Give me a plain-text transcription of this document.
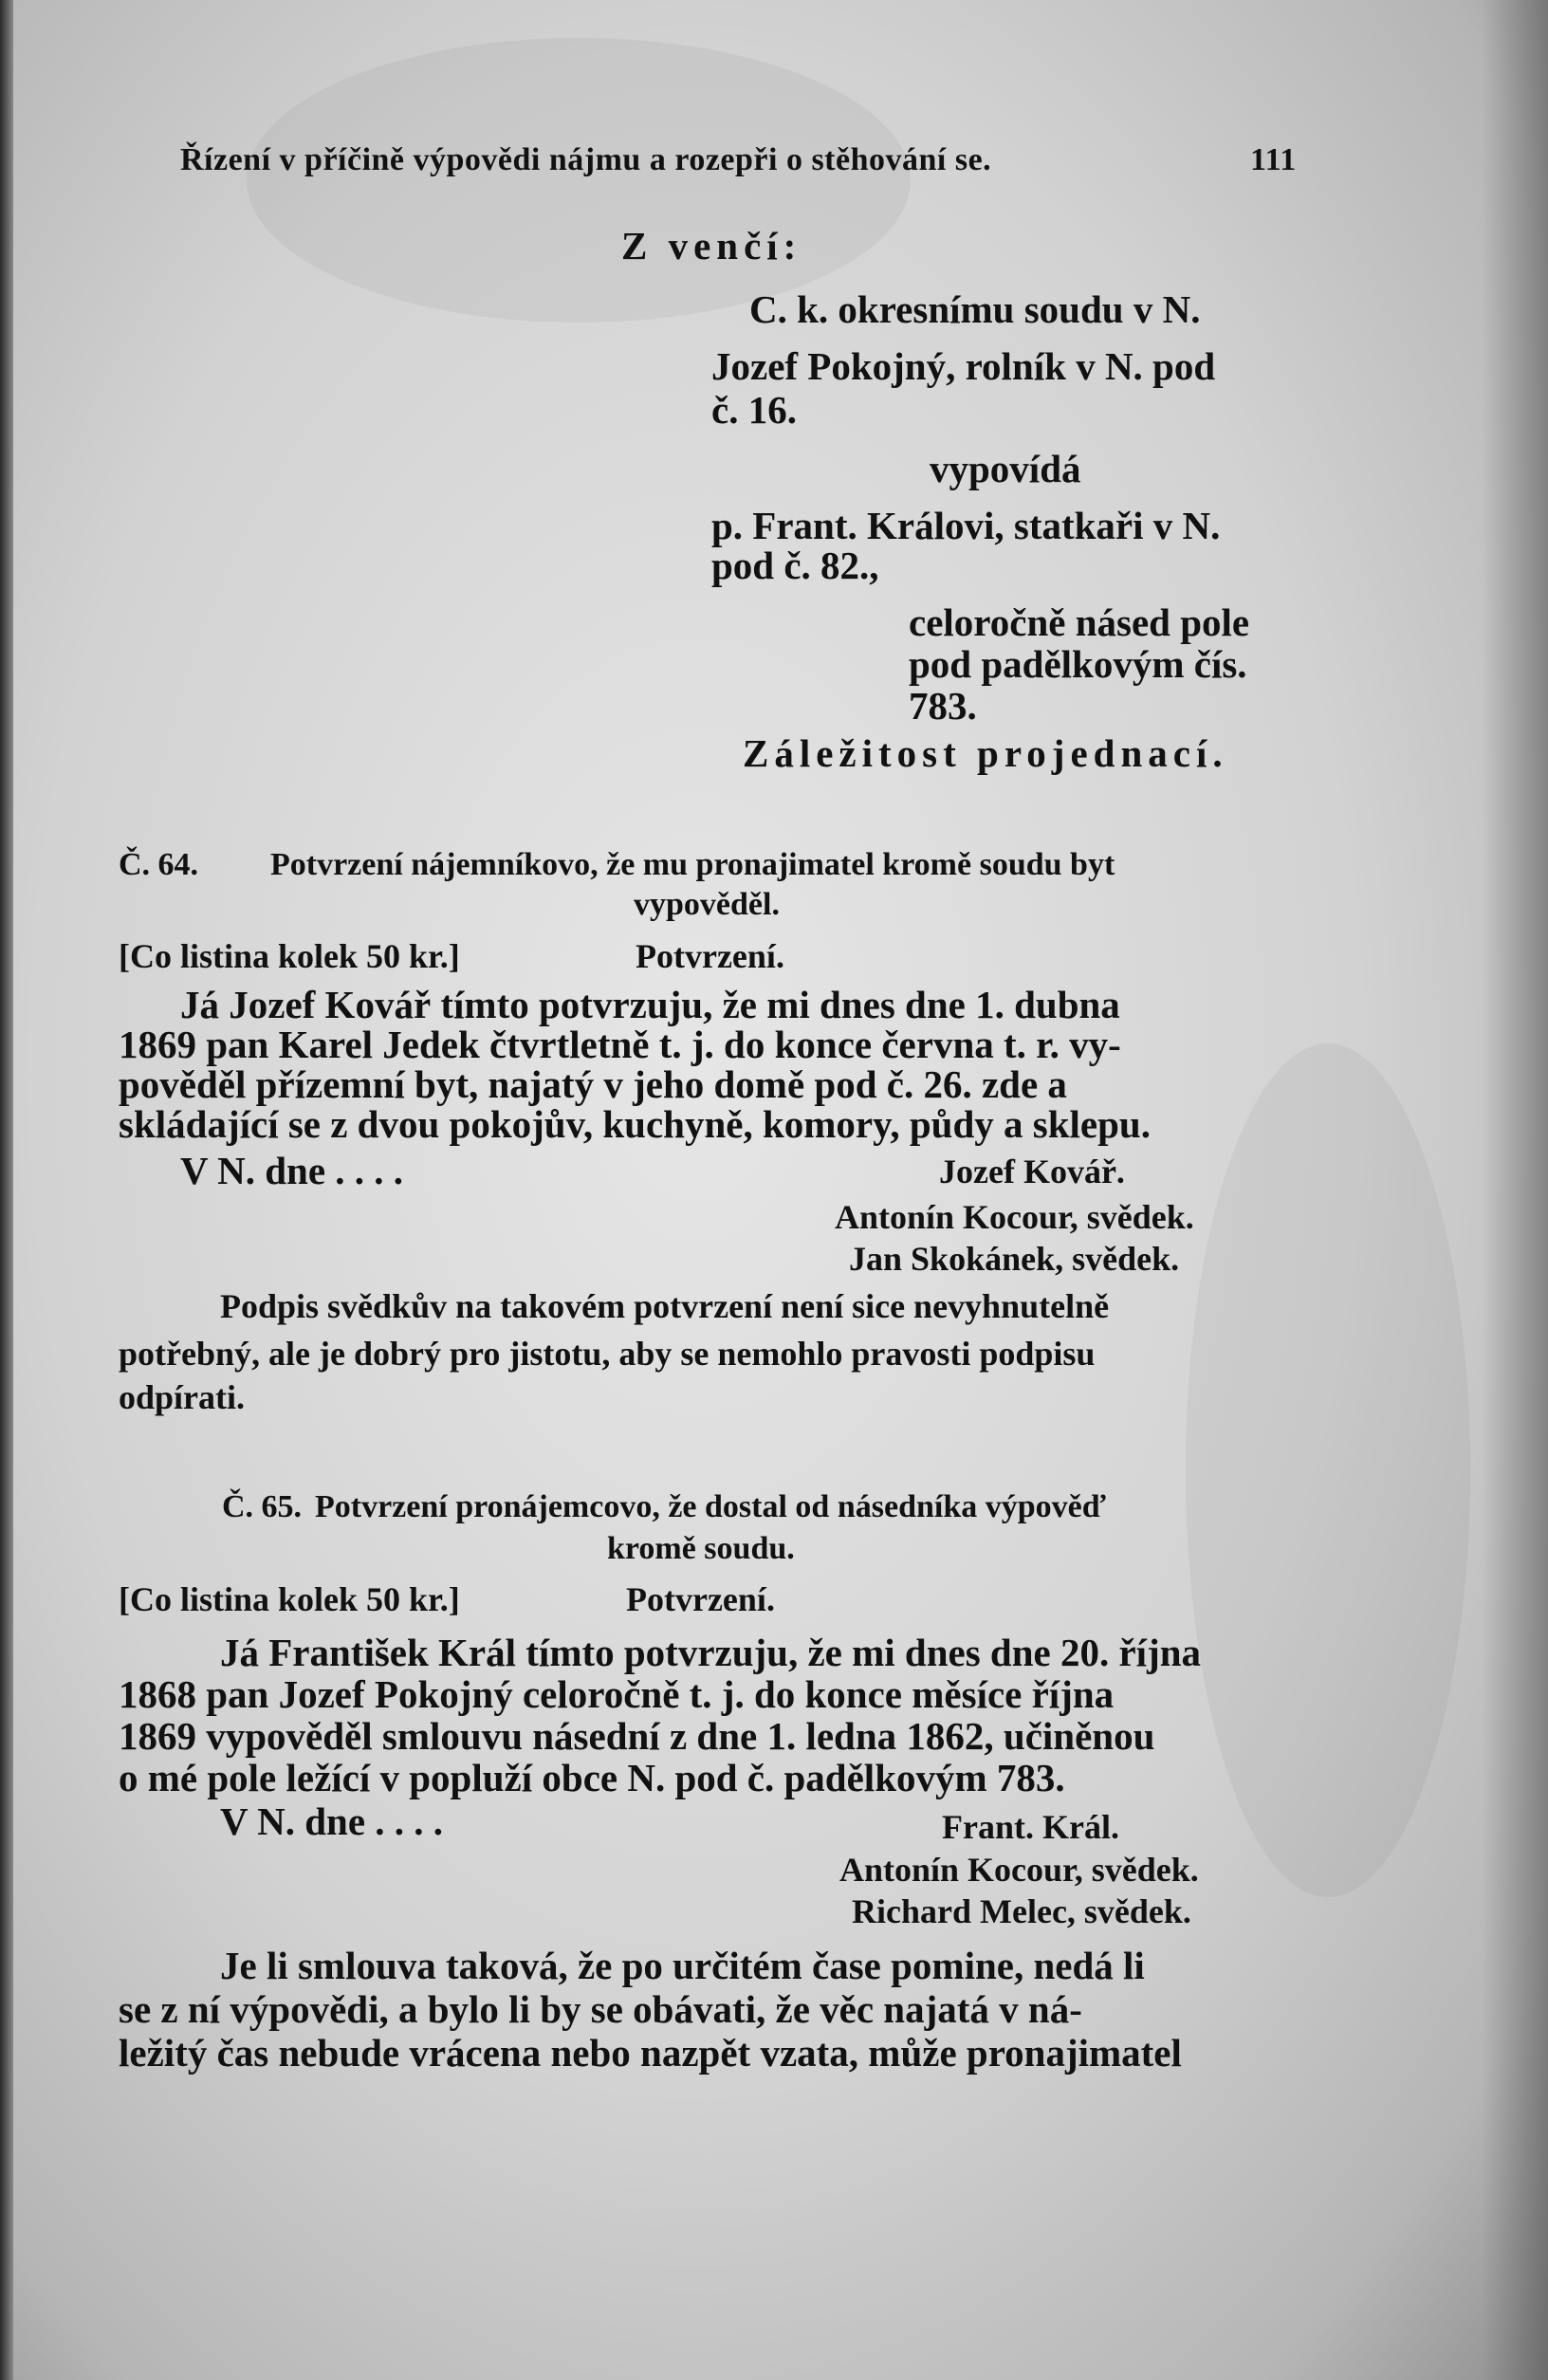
Řízení v příčině výpovědi nájmu a rozepři o stěhování se.	111
Z venčí:
C. k. okresnímu soudu v N.
Jozef Pokojný, rolník v N. pod
č. 16.
vypovídá
p. Frant. Královi, statkaři v N.
pod č. 82.,
celoročně násed pole
pod padělkovým čís.
783.
Záležitost projednací.
Č. 64. Potvrzení nájemníkovo, že mu pronajimatel kromě soudu byt
vypověděl.
[Co listina kolek 50 kr.]	Potvrzení.
Já Jozef Kovář tímto potvrzuju, že mi dnes dne 1. dubna
1869 pan Karel Jedek čtvrtletně t. j. do konce června t. r. vy-
pověděl přízemní byt, najatý v jeho domě pod č. 26. zde a
skládající se z dvou pokojův, kuchyně, komory, půdy a sklepu.
V N. dne . . . .	Jozef Kovář.
Antonín Kocour, svědek.
Jan Skokánek, svědek.
Podpis svědkův na takovém potvrzení není sice nevyhnutelně
potřebný, ale je dobrý pro jistotu, aby se nemohlo pravosti podpisu
odpírati.
Č. 65. Potvrzení pronájemcovo, že dostal od násedníka výpověď
kromě soudu.
[Co listina kolek 50 kr.]	Potvrzení.
Já František Král tímto potvrzuju, že mi dnes dne 20. října
1868 pan Jozef Pokojný celoročně t. j. do konce měsíce října
1869 vypověděl smlouvu násední z dne 1. ledna 1862, učiněnou
o mé pole ležící v popluží obce N. pod č. padělkovým 783.
V N. dne . . . .	Frant. Král.
Antonín Kocour, svědek.
Richard Melec, svědek.
Je li smlouva taková, že po určitém čase pomine, nedá li
se z ní výpovědi, a bylo li by se obávati, že věc najatá v ná-
ležitý čas nebude vrácena nebo nazpět vzata, může pronajimatel
